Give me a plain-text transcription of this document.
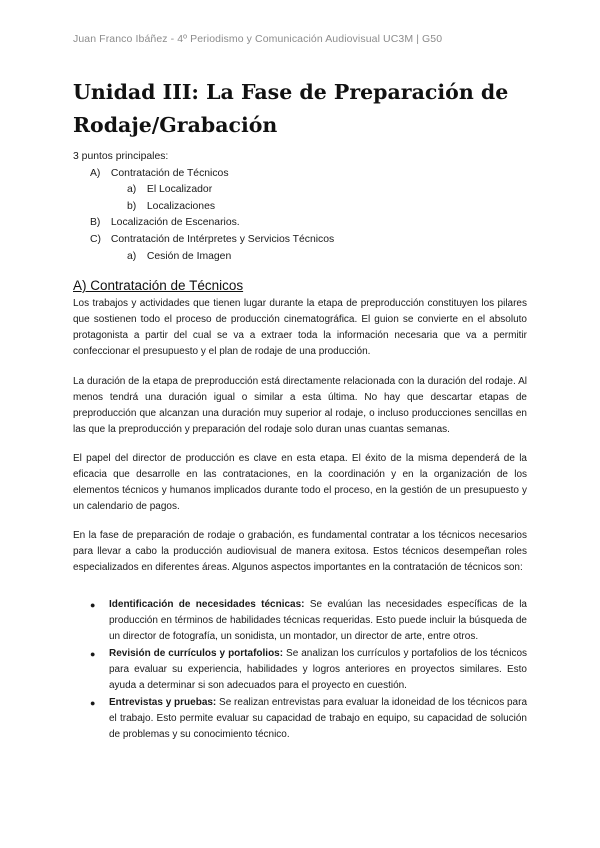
Juan Franco Ibáñez - 4º Periodismo y Comunicación Audiovisual UC3M | G50
Unidad III: La Fase de Preparación de Rodaje/Grabación

3 puntos principales:

A) Contratación de Técnicos
a) El Localizador
b) Localizaciones
B) Localización de Escenarios.
C) Contratación de Intérpretes y Servicios Técnicos
a) Cesión de Imagen
A) Contratación de Técnicos

Los trabajos y actividades que tienen lugar durante la etapa de preproducción constituyen los pilares que sostienen todo el proceso de producción cinematográfica. El guion se convierte en el absoluto protagonista a partir del cual se va a extraer toda la información necesaria que va a permitir confeccionar el presupuesto y el plan de rodaje de una producción.

La duración de la etapa de preproducción está directamente relacionada con la duración del rodaje. Al menos tendrá una duración igual o similar a esta última. No hay que descartar etapas de preproducción que alcanzan una duración muy superior al rodaje, o incluso producciones sencillas en las que la preproducción y preparación del rodaje solo duran unas cuantas semanas.

El papel del director de producción es clave en esta etapa. El éxito de la misma dependerá de la eficacia que desarrolle en las contrataciones, en la coordinación y en la organización de los elementos técnicos y humanos implicados durante todo el proceso, en la gestión de un presupuesto y un calendario de pagos.

En la fase de preparación de rodaje o grabación, es fundamental contratar a los técnicos necesarios para llevar a cabo la producción audiovisual de manera exitosa. Estos técnicos desempeñan roles especializados en diferentes áreas. Algunos aspectos importantes en la contratación de técnicos son:

● Identificación de necesidades técnicas: Se evalúan las necesidades específicas de la producción en términos de habilidades técnicas requeridas. Esto puede incluir la búsqueda de un director de fotografía, un sonidista, un montador, un director de arte, entre otros.
● Revisión de currículos y portafolios: Se analizan los currículos y portafolios de los técnicos para evaluar su experiencia, habilidades y logros anteriores en proyectos similares. Esto ayuda a determinar si son adecuados para el proyecto en cuestión.
● Entrevistas y pruebas: Se realizan entrevistas para evaluar la idoneidad de los técnicos para el trabajo. Esto permite evaluar su capacidad de trabajo en equipo, su capacidad de solución de problemas y su conocimiento técnico.
